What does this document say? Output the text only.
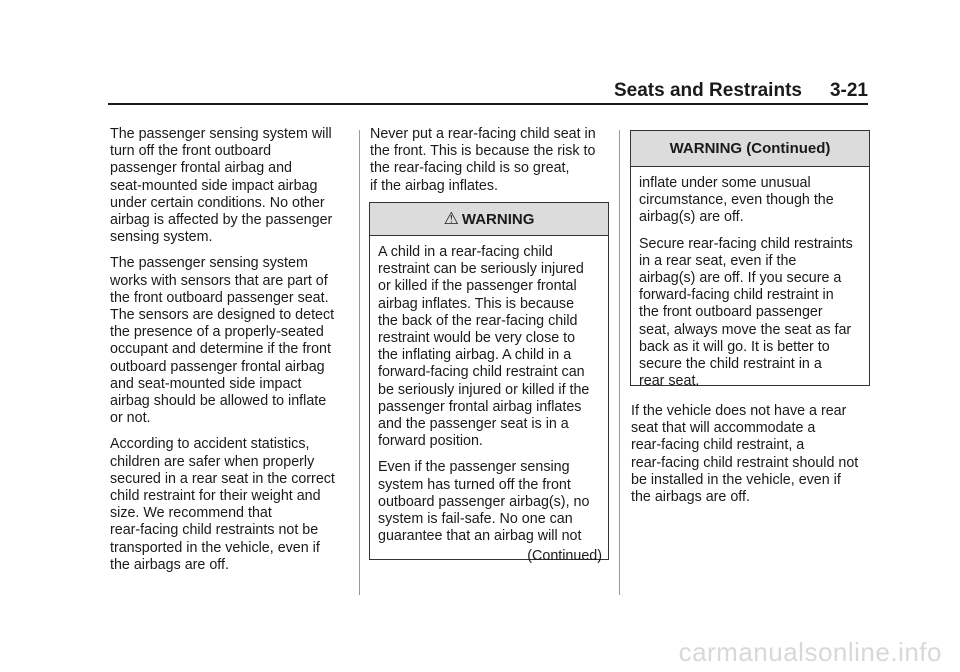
Seats and Restraints 3-21

The passenger sensing system will
turn off the front outboard
passenger frontal airbag and
seat-mounted side impact airbag
under certain conditions. No other
airbag is affected by the passenger
sensing system.

The passenger sensing system
works with sensors that are part of
the front outboard passenger seat.
The sensors are designed to detect
the presence of a properly-seated
occupant and determine if the front
outboard passenger frontal airbag
and seat-mounted side impact
airbag should be allowed to inflate
or not.

According to accident statistics,
children are safer when properly
secured in a rear seat in the correct
child restraint for their weight and
size. We recommend that
rear-facing child restraints not be
transported in the vehicle, even if
the airbags are off.

Never put a rear-facing child seat in
the front. This is because the risk to
the rear-facing child is so great,
if the airbag inflates.

⚠ WARNING

A child in a rear-facing child
restraint can be seriously injured
or killed if the passenger frontal
airbag inflates. This is because
the back of the rear-facing child
restraint would be very close to
the inflating airbag. A child in a
forward-facing child restraint can
be seriously injured or killed if the
passenger frontal airbag inflates
and the passenger seat is in a
forward position.

Even if the passenger sensing
system has turned off the front
outboard passenger airbag(s), no
system is fail-safe. No one can
guarantee that an airbag will not

(Continued)
WARNING (Continued)

inflate under some unusual
circumstance, even though the
airbag(s) are off.

Secure rear-facing child restraints
in a rear seat, even if the
airbag(s) are off. If you secure a
forward-facing child restraint in
the front outboard passenger
seat, always move the seat as far
back as it will go. It is better to
secure the child restraint in a
rear seat.

If the vehicle does not have a rear
seat that will accommodate a
rear-facing child restraint, a
rear-facing child restraint should not
be installed in the vehicle, even if
the airbags are off.

carmanualsonline.info
